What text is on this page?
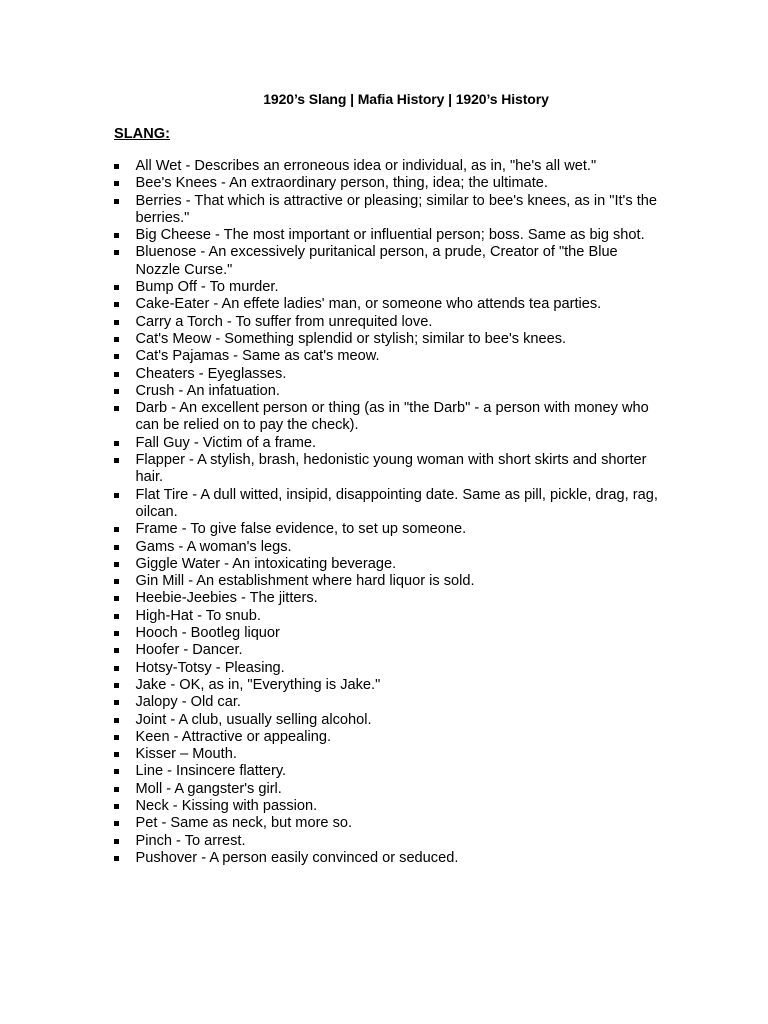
1920’s Slang | Mafia History | 1920’s History
SLANG:
All Wet - Describes an erroneous idea or individual, as in, "he's all wet."
Bee's Knees - An extraordinary person, thing, idea; the ultimate.
Berries - That which is attractive or pleasing; similar to bee's knees, as in "It's the berries."
Big Cheese - The most important or influential person; boss. Same as big shot.
Bluenose - An excessively puritanical person, a prude, Creator of "the Blue Nozzle Curse."
Bump Off - To murder.
Cake-Eater - An effete ladies' man, or someone who attends tea parties.
Carry a Torch - To suffer from unrequited love.
Cat's Meow - Something splendid or stylish; similar to bee's knees.
Cat's Pajamas - Same as cat's meow.
Cheaters - Eyeglasses.
Crush - An infatuation.
Darb - An excellent person or thing (as in "the Darb" - a person with money who can be relied on to pay the check).
Fall Guy - Victim of a frame.
Flapper - A stylish, brash, hedonistic young woman with short skirts and shorter hair.
Flat Tire - A dull witted, insipid, disappointing date. Same as pill, pickle, drag, rag, oilcan.
Frame - To give false evidence, to set up someone.
Gams - A woman's legs.
Giggle Water - An intoxicating beverage.
Gin Mill - An establishment where hard liquor is sold.
Heebie-Jeebies - The jitters.
High-Hat - To snub.
Hooch - Bootleg liquor
Hoofer - Dancer.
Hotsy-Totsy - Pleasing.
Jake - OK, as in, "Everything is Jake."
Jalopy - Old car.
Joint - A club, usually selling alcohol.
Keen - Attractive or appealing.
Kisser – Mouth.
Line - Insincere flattery.
Moll - A gangster's girl.
Neck - Kissing with passion.
Pet - Same as neck, but more so.
Pinch - To arrest.
Pushover - A person easily convinced or seduced.
